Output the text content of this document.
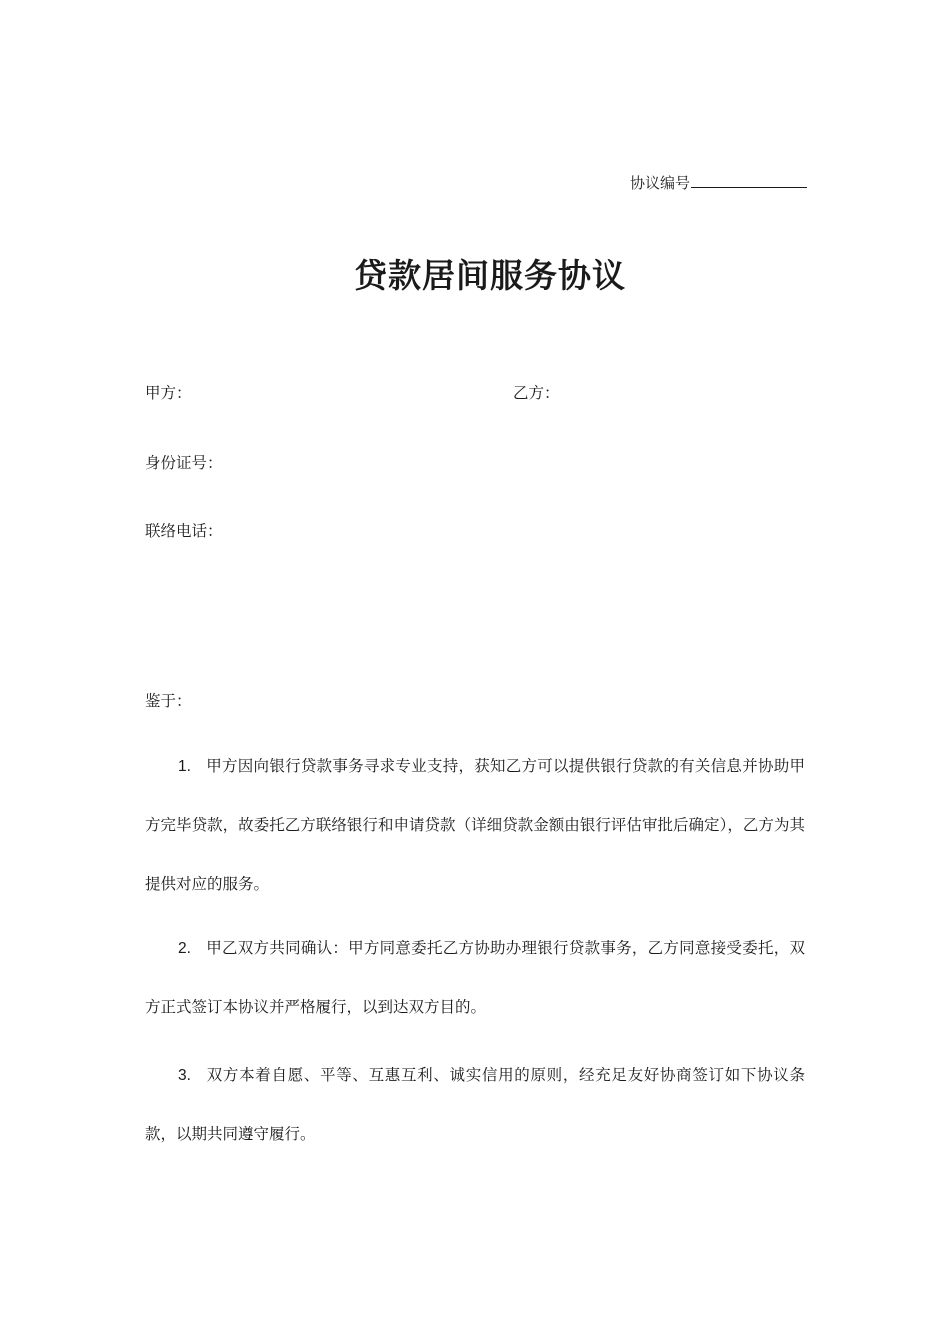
协议编号
贷款居间服务协议
甲方：	乙方：
身份证号：
联络电话：
鉴于：
1. 甲方因向银行贷款事务寻求专业支持，获知乙方可以提供银行贷款的有关信息并协助甲方完毕贷款，故委托乙方联络银行和申请贷款（详细贷款金额由银行评估审批后确定），乙方为其提供对应的服务。
2. 甲乙双方共同确认：甲方同意委托乙方协助办理银行贷款事务，乙方同意接受委托，双方正式签订本协议并严格履行，以到达双方目的。
3. 双方本着自愿、平等、互惠互利、诚实信用的原则，经充足友好协商签订如下协议条款，以期共同遵守履行。
